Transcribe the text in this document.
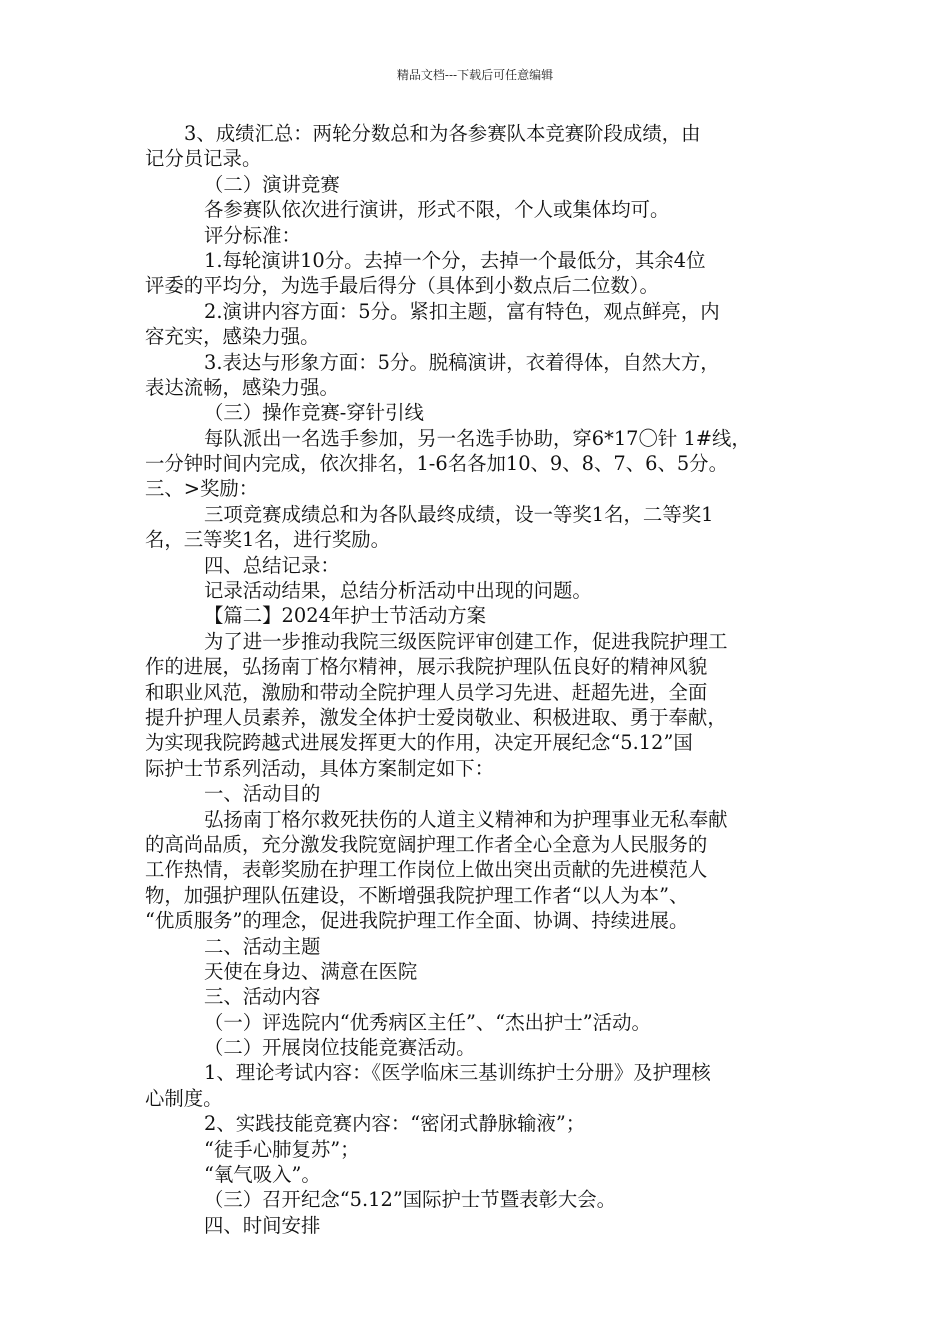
精品文档---下载后可任意编辑
3、成绩汇总：两轮分数总和为各参赛队本竞赛阶段成绩，由
记分员记录。
（二）演讲竞赛
各参赛队依次进行演讲，形式不限，个人或集体均可。
评分标准：
1.每轮演讲10分。去掉一个分，去掉一个最低分，其余4位
评委的平均分，为选手最后得分（具体到小数点后二位数）。
2.演讲内容方面：5分。紧扣主题，富有特色，观点鲜亮，内
容充实，感染力强。
3.表达与形象方面：5分。脱稿演讲，衣着得体，自然大方，
表达流畅，感染力强。
（三）操作竞赛-穿针引线
每队派出一名选手参加，另一名选手协助，穿6*17〇针 1#线，
一分钟时间内完成，依次排名，1-6名各加10、9、8、7、6、5分。
三、>奖励：
三项竞赛成绩总和为各队最终成绩，设一等奖1名，二等奖1
名，三等奖1名，进行奖励。
四、总结记录：
记录活动结果，总结分析活动中出现的问题。
【篇二】2024年护士节活动方案
为了进一步推动我院三级医院评审创建工作，促进我院护理工
作的进展，弘扬南丁格尔精神，展示我院护理队伍良好的精神风貌
和职业风范，激励和带动全院护理人员学习先进、赶超先进，全面
提升护理人员素养，激发全体护士爱岗敬业、积极进取、勇于奉献，
为实现我院跨越式进展发挥更大的作用，决定开展纪念“5.12”国
际护士节系列活动，具体方案制定如下：
一、活动目的
弘扬南丁格尔救死扶伤的人道主义精神和为护理事业无私奉献
的高尚品质，充分激发我院宽阔护理工作者全心全意为人民服务的
工作热情，表彰奖励在护理工作岗位上做出突出贡献的先进模范人
物，加强护理队伍建设，不断增强我院护理工作者“以人为本”、
“优质服务”的理念，促进我院护理工作全面、协调、持续进展。
二、活动主题
天使在身边、满意在医院
三、活动内容
（一）评选院内“优秀病区主任”、“杰出护士”活动。
（二）开展岗位技能竞赛活动。
1、理论考试内容：《医学临床三基训练护士分册》及护理核
心制度。
2、实践技能竞赛内容：“密闭式静脉输液”；
“徒手心肺复苏”；
“氧气吸入”。
（三）召开纪念“5.12”国际护士节暨表彰大会。
四、时间安排
